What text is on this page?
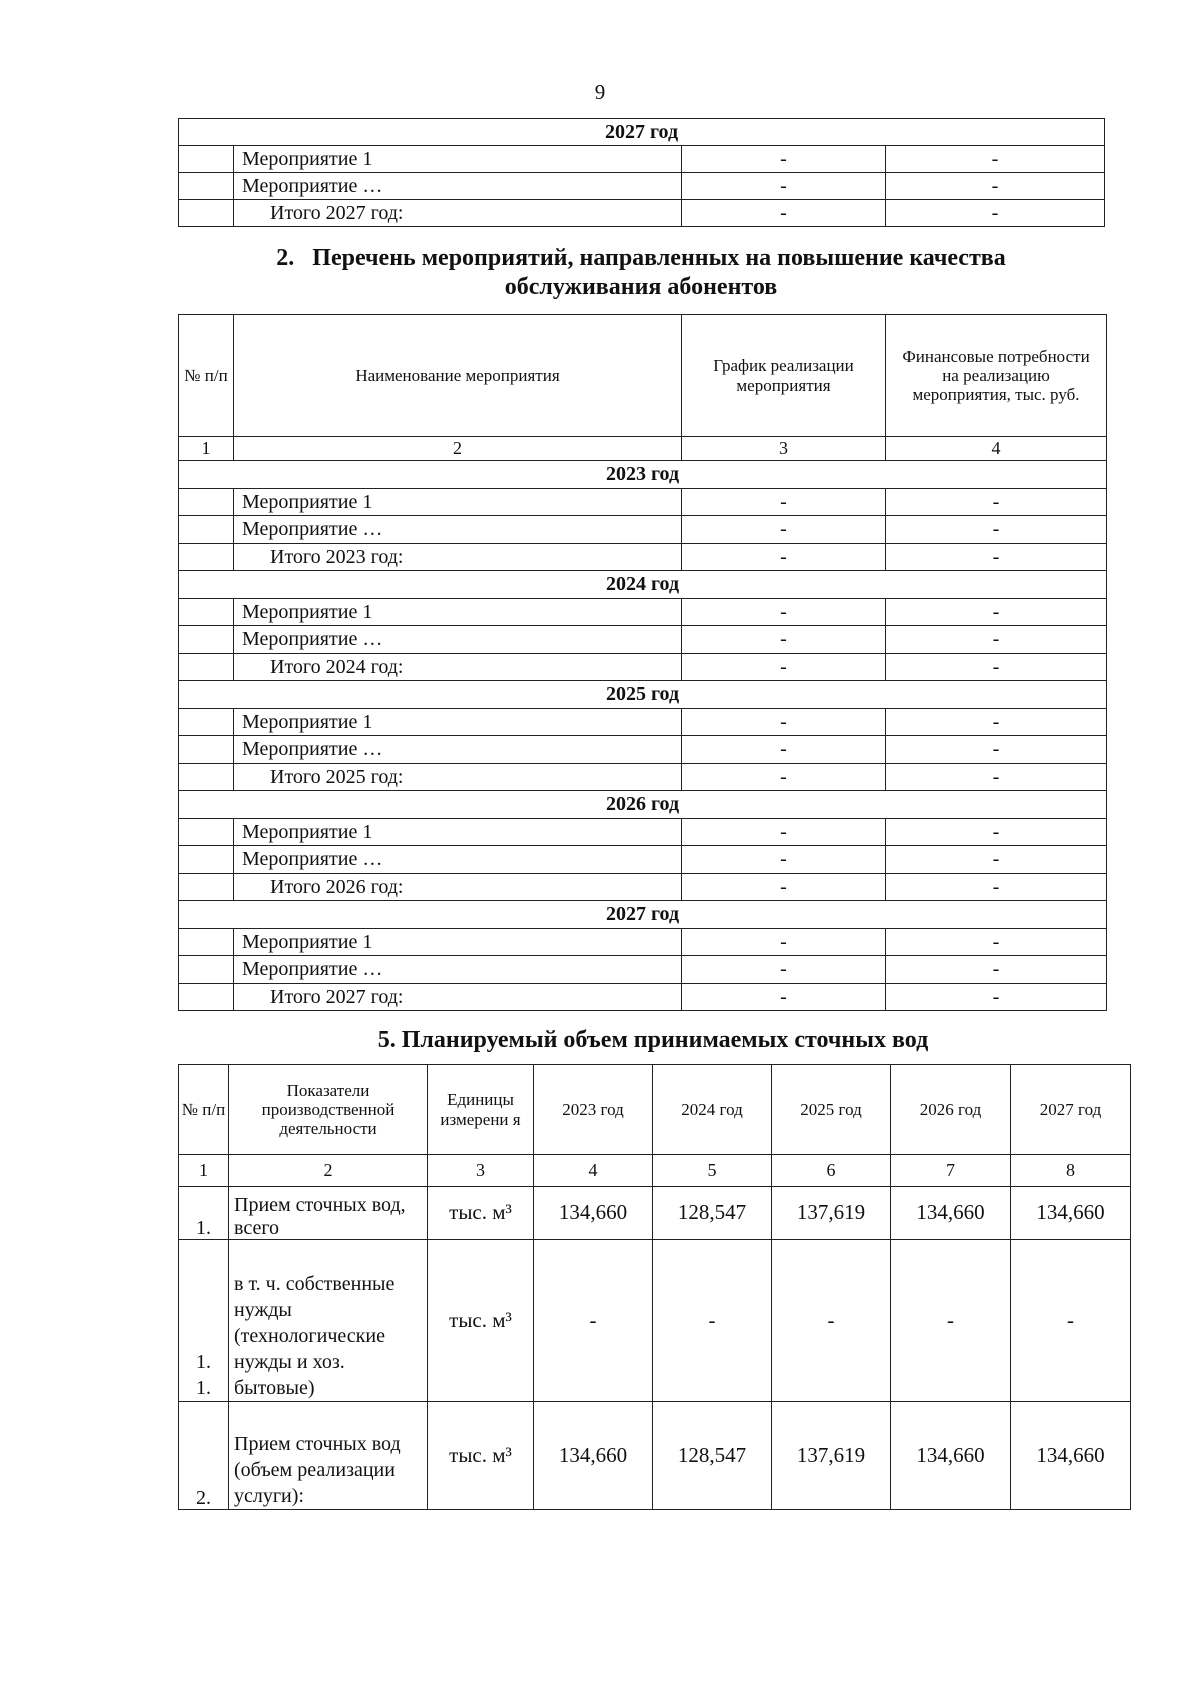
9
2027 год			
	Мероприятие 1	-	-
	Мероприятие …	-	-
	Итого 2027 год:	-	-
2.   Перечень мероприятий, направленных на повышение качества
обслуживания абонентов
№ п/п	Наименование мероприятия	График реализации мероприятия	Финансовые потребности на реализацию мероприятия, тыс. руб.
1	2	3	4
2023 год			
	Мероприятие 1	-	-
	Мероприятие …	-	-
	Итого 2023 год:	-	-
2024 год			
	Мероприятие 1	-	-
	Мероприятие …	-	-
	Итого 2024 год:	-	-
2025 год			
	Мероприятие 1	-	-
	Мероприятие …	-	-
	Итого 2025 год:	-	-
2026 год			
	Мероприятие 1	-	-
	Мероприятие …	-	-
	Итого 2026 год:	-	-
2027 год			
	Мероприятие 1	-	-
	Мероприятие …	-	-
	Итого 2027 год:	-	-
5. Планируемый объем принимаемых сточных вод
№ п/п	Показатели производственной деятельности	Единицы измерени я	2023 год	2024 год	2025 год	2026 год	2027 год
1	2	3	4	5	6	7	8
1.	Прием сточных вод, всего	тыс. м³	134,660	128,547	137,619	134,660	134,660
1. 1.	в т. ч. собственные нужды (технологические нужды и хоз. бытовые)	тыс. м³	-	-	-	-	-
2.	Прием сточных вод (объем реализации услуги):	тыс. м³	134,660	128,547	137,619	134,660	134,660
